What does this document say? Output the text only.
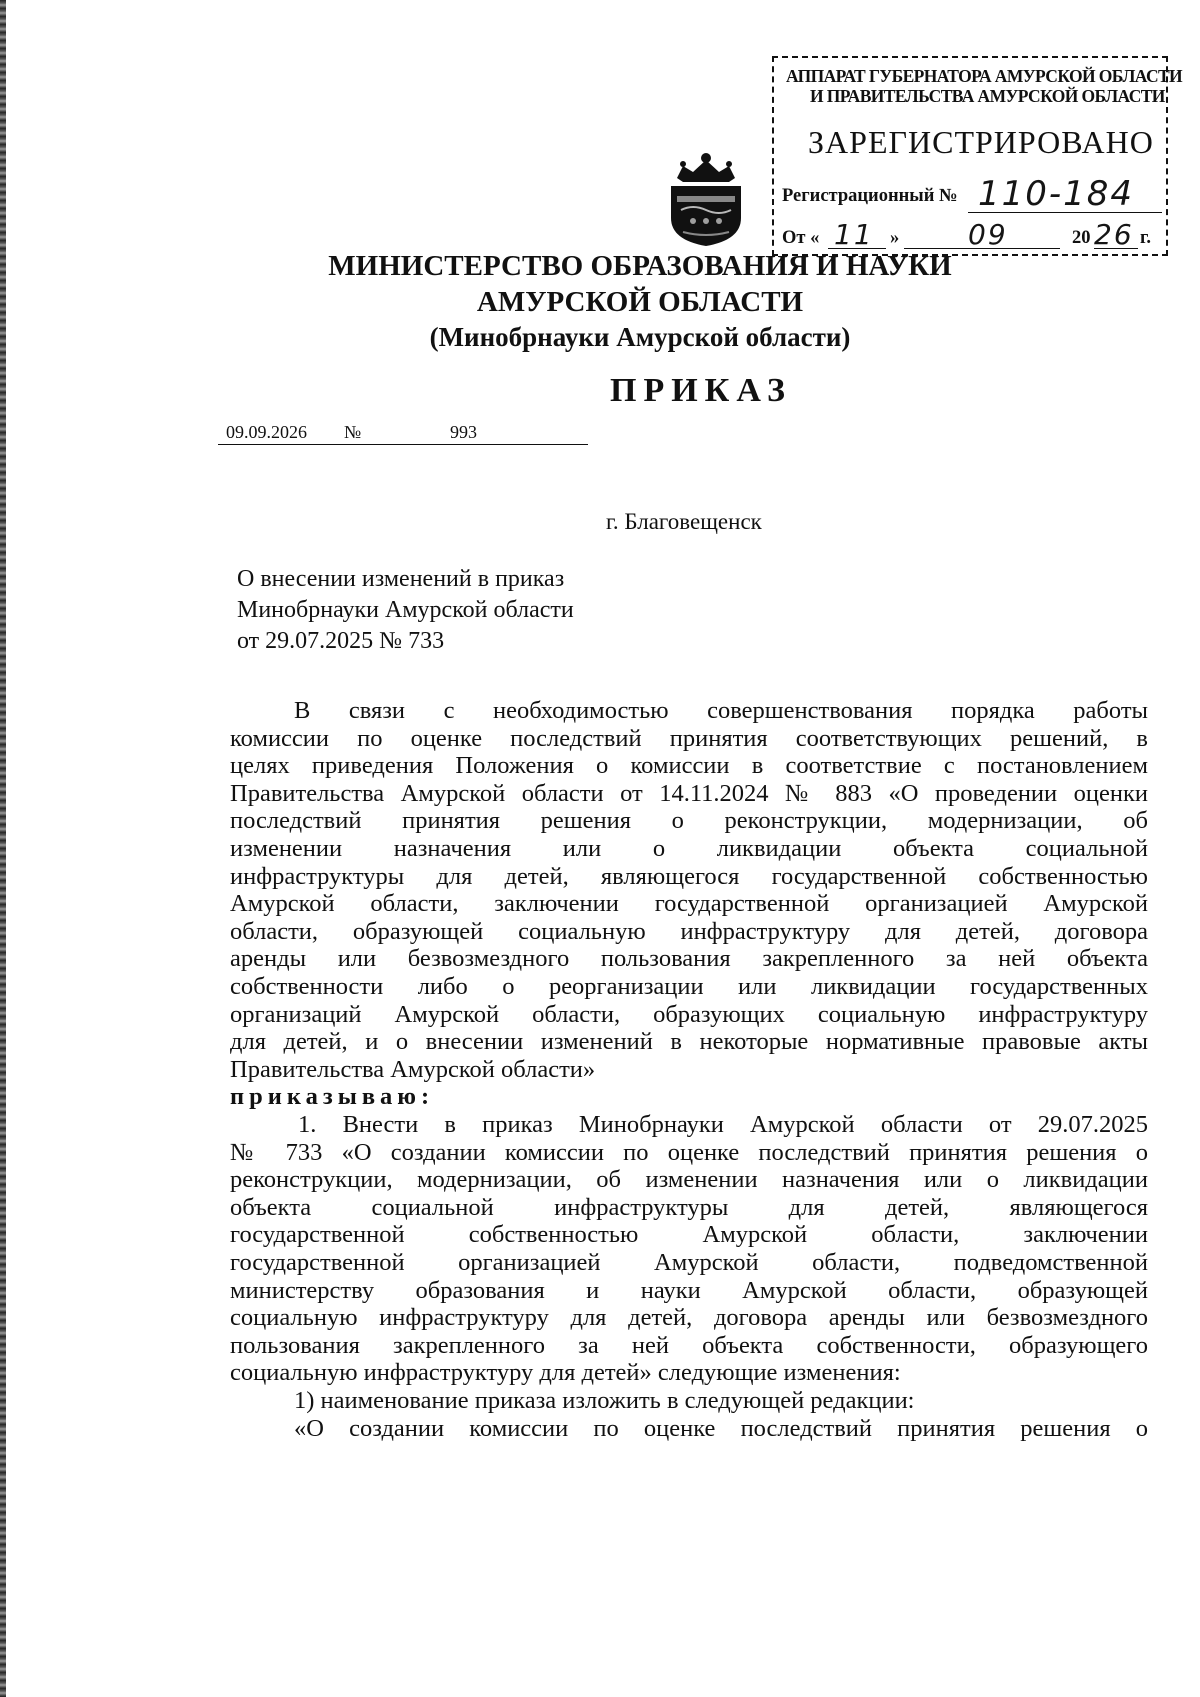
АППАРАТ ГУБЕРНАТОРА АМУРСКОЙ ОБЛАСТИ
И ПРАВИТЕЛЬСТВА АМУРСКОЙ ОБЛАСТИ
ЗАРЕГИСТРИРОВАНО
Регистрационный № 110-184
От « 11 » 09	20 26 г.
МИНИСТЕРСТВО ОБРАЗОВАНИЯ И НАУКИ
АМУРСКОЙ ОБЛАСТИ
(Минобрнауки Амурской области)
ПРИКАЗ
09.09.2026 №	993
г. Благовещенск
О внесении изменений в приказ
Минобрнауки Амурской области
от 29.07.2025 № 733
В связи с необходимостью совершенствования порядка работы
комиссии по оценке последствий принятия соответствующих решений, в
целях приведения Положения о комиссии в соответствие с постановлением
Правительства Амурской области от 14.11.2024 № 883 «О проведении оценки
последствий принятия решения о реконструкции, модернизации, об
изменении назначения или о ликвидации объекта социальной
инфраструктуры для детей, являющегося государственной собственностью
Амурской области, заключении государственной организацией Амурской
области, образующей социальную инфраструктуру для детей, договора
аренды или безвозмездного пользования закрепленного за ней объекта
собственности либо о реорганизации или ликвидации государственных
организаций Амурской области, образующих социальную инфраструктуру
для детей, и о внесении изменений в некоторые нормативные правовые акты
Правительства Амурской области»
приказываю:
1. Внести в приказ Минобрнауки Амурской области от 29.07.2025
№ 733 «О создании комиссии по оценке последствий принятия решения о
реконструкции, модернизации, об изменении назначения или о ликвидации
объекта социальной инфраструктуры для детей, являющегося
государственной собственностью Амурской области, заключении
государственной организацией Амурской области, подведомственной
министерству образования и науки Амурской области, образующей
социальную инфраструктуру для детей, договора аренды или безвозмездного
пользования закрепленного за ней объекта собственности, образующего
социальную инфраструктуру для детей» следующие изменения:
1) наименование приказа изложить в следующей редакции:
«О создании комиссии по оценке последствий принятия решения о
